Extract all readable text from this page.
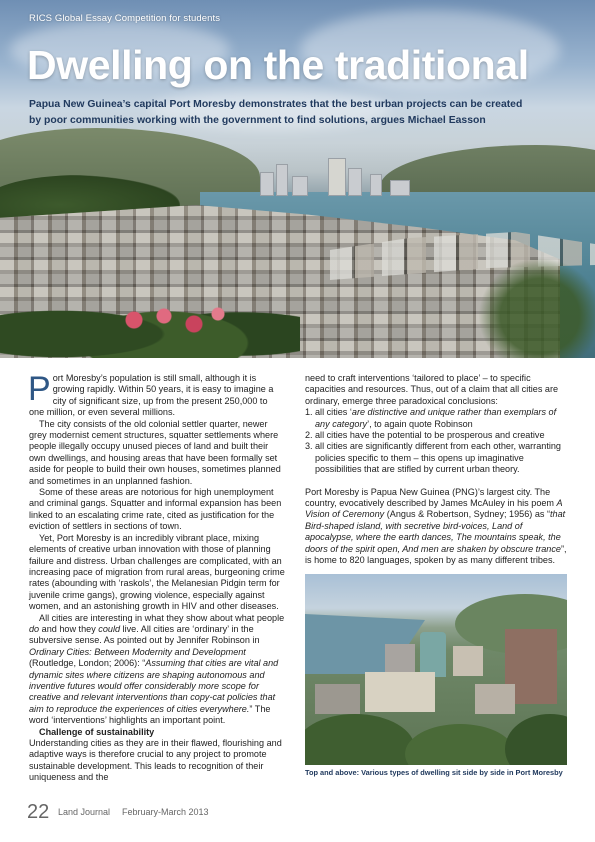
RICS Global Essay Competition for students
Dwelling on the traditional

Papua New Guinea’s capital Port Moresby demonstrates that the best urban projects can be created by poor communities working with the government to find solutions, argues Michael Easson

Port Moresby’s population is still small, although it is growing rapidly. Within 50 years, it is easy to imagine a city of significant size, up from the present 250,000 to one million, or even several millions.

The city consists of the old colonial settler quarter, newer grey modernist cement structures, squatter settlements where people illegally occupy unused pieces of land and built their own dwellings, and housing areas that have been formally set aside for people to build their own houses, sometimes planned and sometimes in an unplanned fashion.

Some of these areas are notorious for high unemployment and criminal gangs. Squatter and informal expansion has been linked to an escalating crime rate, cited as justification for the eviction of settlers in sections of town.

Yet, Port Moresby is an incredibly vibrant place, mixing elements of creative urban innovation with those of planning failure and distress. Urban challenges are complicated, with an increasing pace of migration from rural areas, burgeoning crime rates (abounding with ‘raskols’, the Melanesian Pidgin term for juvenile crime gangs), growing violence, especially against women, and an astonishing growth in HIV and other diseases.

All cities are interesting in what they show about what people do and how they could live. All cities are ‘ordinary’ in the subversive sense. As pointed out by Jennifer Robinson in Ordinary Cities: Between Modernity and Development (Routledge, London; 2006): “Assuming that cities are vital and dynamic sites where citizens are shaping autonomous and inventive futures would offer considerably more scope for creative and relevant interventions than copy-cat policies that aim to reproduce the experiences of cities everywhere.” The word ‘interventions’ highlights an important point.

Challenge of sustainability

Understanding cities as they are in their flawed, flourishing and adaptive ways is therefore crucial to any project to promote sustainable development. This leads to recognition of their uniqueness and the

need to craft interventions ‘tailored to place’ – to specific capacities and resources. Thus, out of a claim that all cities are ordinary, emerge three paradoxical conclusions:

1. all cities ‘are distinctive and unique rather than exemplars of any category’, to again quote Robinson
2. all cities have the potential to be prosperous and creative
3. all cities are significantly different from each other, warranting policies specific to them – this opens up imaginative possibilities that are stifled by current urban theory.

Port Moresby is Papua New Guinea (PNG)’s largest city. The country, evocatively described by James McAuley in his poem A Vision of Ceremony (Angus & Robertson, Sydney; 1956) as “that Bird-shaped island, with secretive bird-voices, Land of apocalypse, where the earth dances, The mountains speak, the doors of the spirit open, And men are shaken by obscure trance”, is home to 820 languages, spoken by as many different tribes.

Top and above: Various types of dwelling sit side by side in Port Moresby
22 Land Journal February-March 2013
